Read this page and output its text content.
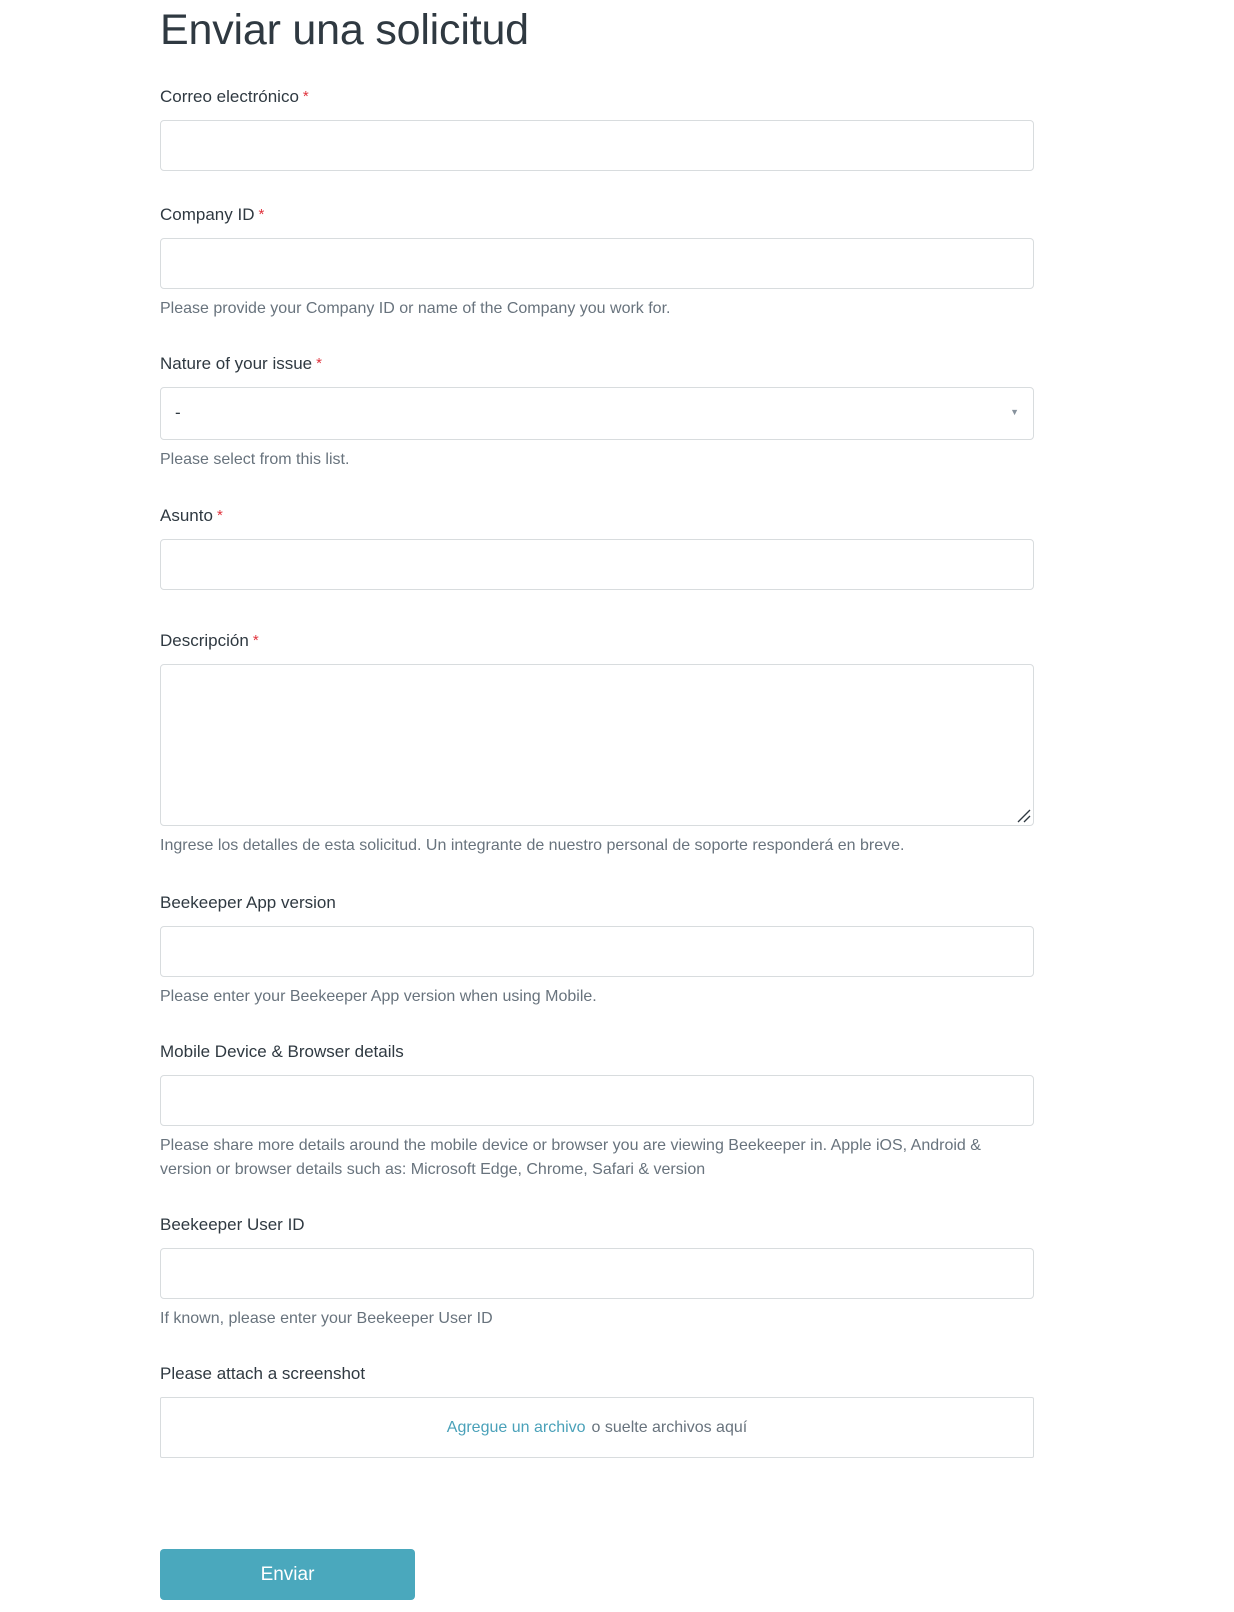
Enviar una solicitud
Correo electrónico *
Company ID *
Please provide your Company ID or name of the Company you work for.
Nature of your issue *
-	▼
Please select from this list.
Asunto *
Descripción *
Ingrese los detalles de esta solicitud. Un integrante de nuestro personal de soporte responderá en breve.
Beekeeper App version
Please enter your Beekeeper App version when using Mobile.
Mobile Device & Browser details
Please share more details around the mobile device or browser you are viewing Beekeeper in. Apple iOS, Android & version or browser details such as: Microsoft Edge, Chrome, Safari & version
Beekeeper User ID
If known, please enter your Beekeeper User ID
Please attach a screenshot
Agregue un archivo o suelte archivos aquí
Enviar
